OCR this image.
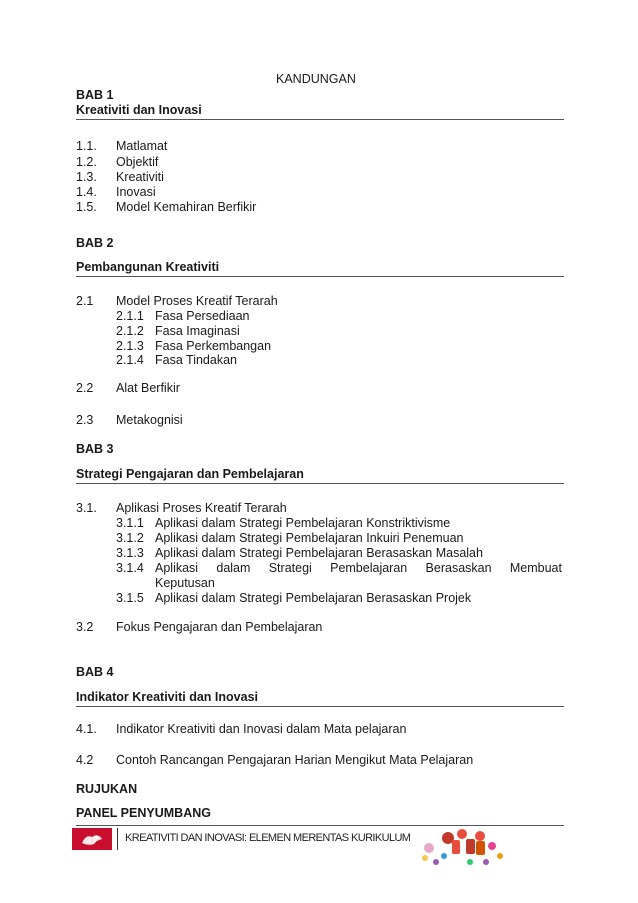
KANDUNGAN
BAB 1
Kreativiti dan Inovasi
1.1. Matlamat
1.2. Objektif
1.3. Kreativiti
1.4. Inovasi
1.5. Model Kemahiran Berfikir
BAB 2
Pembangunan Kreativiti
2.1 Model Proses Kreatif Terarah
2.1.1 Fasa Persediaan
2.1.2 Fasa Imaginasi
2.1.3 Fasa Perkembangan
2.1.4 Fasa Tindakan
2.2 Alat Berfikir
2.3 Metakognisi
BAB 3
Strategi Pengajaran dan Pembelajaran
3.1. Aplikasi Proses Kreatif Terarah
3.1.1 Aplikasi dalam Strategi Pembelajaran Konstriktivisme
3.1.2 Aplikasi dalam Strategi Pembelajaran Inkuiri Penemuan
3.1.3 Aplikasi dalam Strategi Pembelajaran Berasaskan Masalah
3.1.4 Aplikasi dalam Strategi Pembelajaran Berasaskan Membuat
Keputusan
3.1.5 Aplikasi dalam Strategi Pembelajaran Berasaskan Projek
3.2 Fokus Pengajaran dan Pembelajaran
BAB 4
Indikator Kreativiti dan Inovasi
4.1. Indikator Kreativiti dan Inovasi dalam Mata pelajaran
4.2 Contoh Rancangan Pengajaran Harian Mengikut Mata Pelajaran
RUJUKAN
PANEL PENYUMBANG
KREATIVITI DAN INOVASI: ELEMEN MERENTAS KURIKULUM
